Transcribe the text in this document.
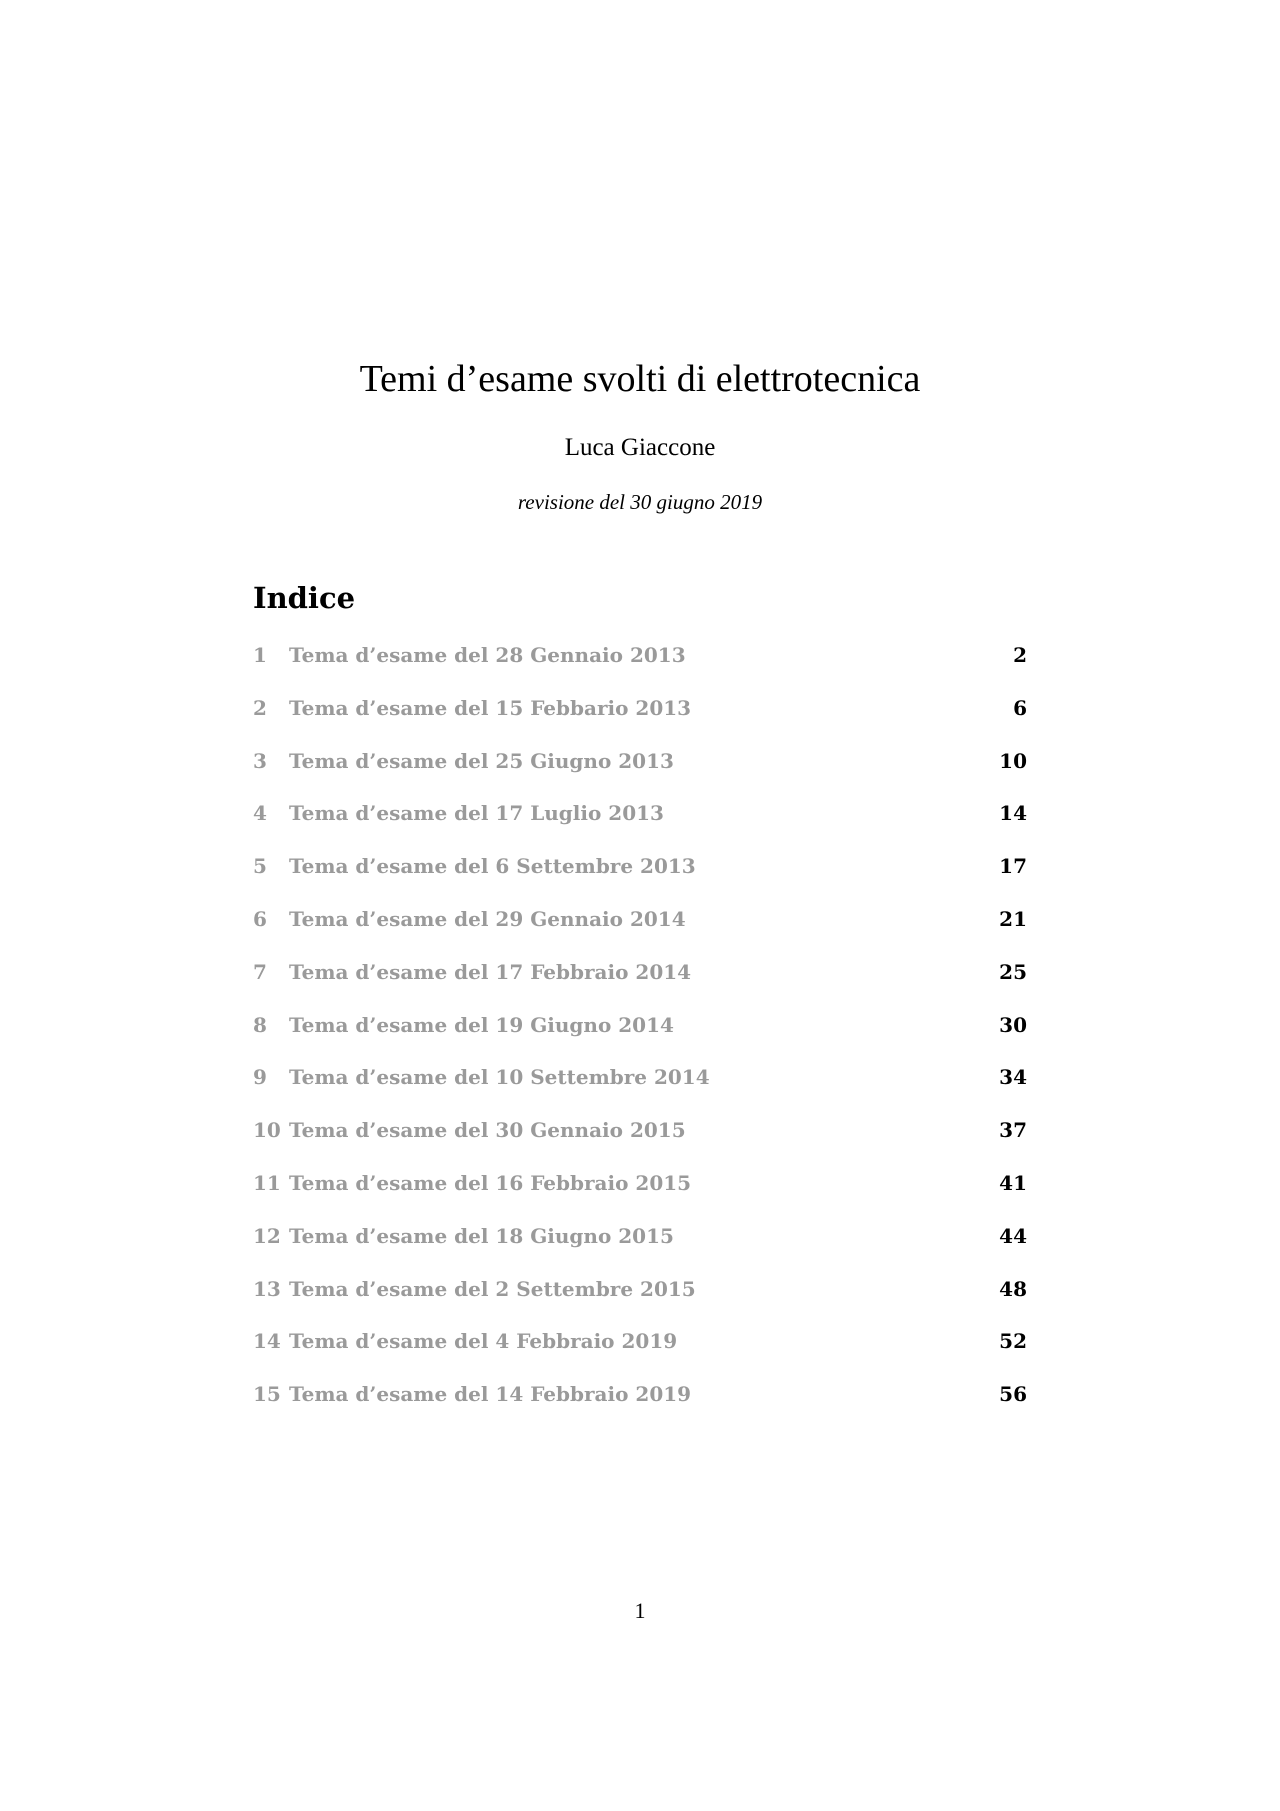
Temi d’esame svolti di elettrotecnica
Luca Giaccone
revisione del 30 giugno 2019
Indice
1 Tema d’esame del 28 Gennaio 2013	2
2 Tema d’esame del 15 Febbario 2013	6
3 Tema d’esame del 25 Giugno 2013	10
4 Tema d’esame del 17 Luglio 2013	14
5 Tema d’esame del 6 Settembre 2013	17
6 Tema d’esame del 29 Gennaio 2014	21
7 Tema d’esame del 17 Febbraio 2014	25
8 Tema d’esame del 19 Giugno 2014	30
9 Tema d’esame del 10 Settembre 2014	34
10 Tema d’esame del 30 Gennaio 2015	37
11 Tema d’esame del 16 Febbraio 2015	41
12 Tema d’esame del 18 Giugno 2015	44
13 Tema d’esame del 2 Settembre 2015	48
14 Tema d’esame del 4 Febbraio 2019	52
15 Tema d’esame del 14 Febbraio 2019	56
1
